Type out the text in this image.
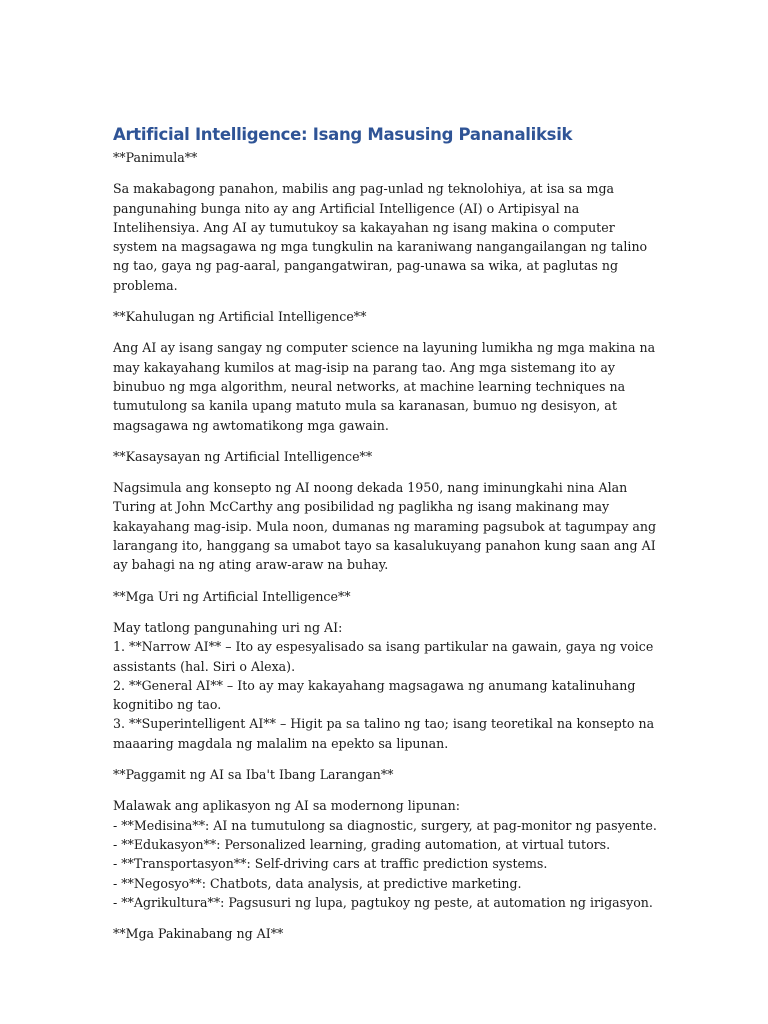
Artificial Intelligence: Isang Masusing Pananaliksik

**Panimula**

Sa makabagong panahon, mabilis ang pag-unlad ng teknolohiya, at isa sa mga pangunahing bunga nito ay ang Artificial Intelligence (AI) o Artipisyal na Intelihensiya. Ang AI ay tumutukoy sa kakayahan ng isang makina o computer system na magsagawa ng mga tungkulin na karaniwang nangangailangan ng talino ng tao, gaya ng pag-aaral, pangangatwiran, pag-unawa sa wika, at paglutas ng problema.

**Kahulugan ng Artificial Intelligence**

Ang AI ay isang sangay ng computer science na layuning lumikha ng mga makina na may kakayahang kumilos at mag-isip na parang tao. Ang mga sistemang ito ay binubuo ng mga algorithm, neural networks, at machine learning techniques na tumutulong sa kanila upang matuto mula sa karanasan, bumuo ng desisyon, at magsagawa ng awtomatikong mga gawain.

**Kasaysayan ng Artificial Intelligence**

Nagsimula ang konsepto ng AI noong dekada 1950, nang iminungkahi nina Alan Turing at John McCarthy ang posibilidad ng paglikha ng isang makinang may kakayahang mag-isip. Mula noon, dumanas ng maraming pagsubok at tagumpay ang larangang ito, hanggang sa umabot tayo sa kasalukuyang panahon kung saan ang AI ay bahagi na ng ating araw-araw na buhay.

**Mga Uri ng Artificial Intelligence**

May tatlong pangunahing uri ng AI:
1. **Narrow AI** – Ito ay espesyalisado sa isang partikular na gawain, gaya ng voice assistants (hal. Siri o Alexa).
2. **General AI** – Ito ay may kakayahang magsagawa ng anumang katalinuhang kognitibo ng tao.
3. **Superintelligent AI** – Higit pa sa talino ng tao; isang teoretikal na konsepto na maaaring magdala ng malalim na epekto sa lipunan.

**Paggamit ng AI sa Iba't Ibang Larangan**

Malawak ang aplikasyon ng AI sa modernong lipunan:
- **Medisina**: AI na tumutulong sa diagnostic, surgery, at pag-monitor ng pasyente.
- **Edukasyon**: Personalized learning, grading automation, at virtual tutors.
- **Transportasyon**: Self-driving cars at traffic prediction systems.
- **Negosyo**: Chatbots, data analysis, at predictive marketing.
- **Agrikultura**: Pagsusuri ng lupa, pagtukoy ng peste, at automation ng irigasyon.

**Mga Pakinabang ng AI**
